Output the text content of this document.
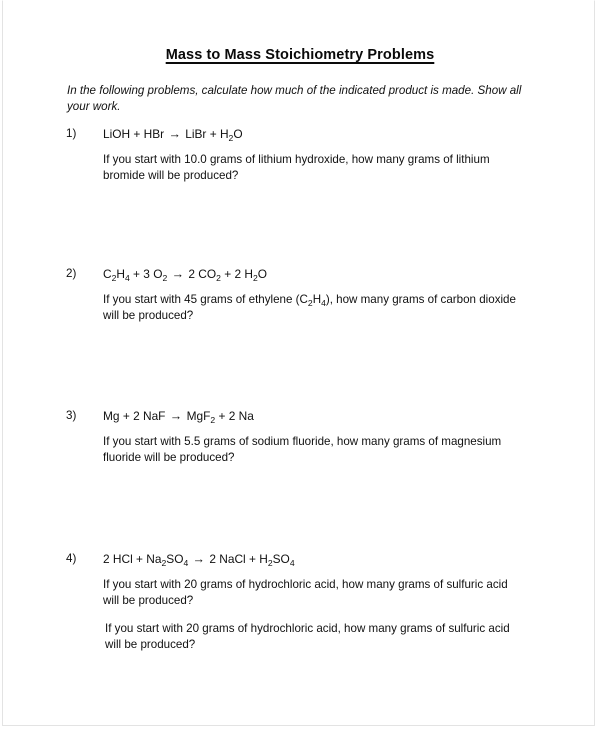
Mass to Mass Stoichiometry Problems
In the following problems, calculate how much of the indicated product is made. Show all your work.
1) LiOH + HBr → LiBr + $H_2O$
If you start with 10.0 grams of lithium hydroxide, how many grams of lithium bromide will be produced?
2) $C_2H_4 + 3$ $O_2 \to 2$ $CO_2 + 2$ $H_2O$
If you start with 45 grams of ethylene $(C_2H_4)$, how many grams of carbon dioxide will be produced?
3) Mg + 2 NaF → MgF$_2$ + 2 Na
If you start with 5.5 grams of sodium fluoride, how many grams of magnesium fluoride will be produced?
4) 2 HCl + $Na_2SO_4 \to 2$ NaCl + $H_2SO_4$
If you start with 20 grams of hydrochloric acid, how many grams of sulfuric acid will be produced?
If you start with 20 grams of hydrochloric acid, how many grams of sulfuric acid will be produced?
